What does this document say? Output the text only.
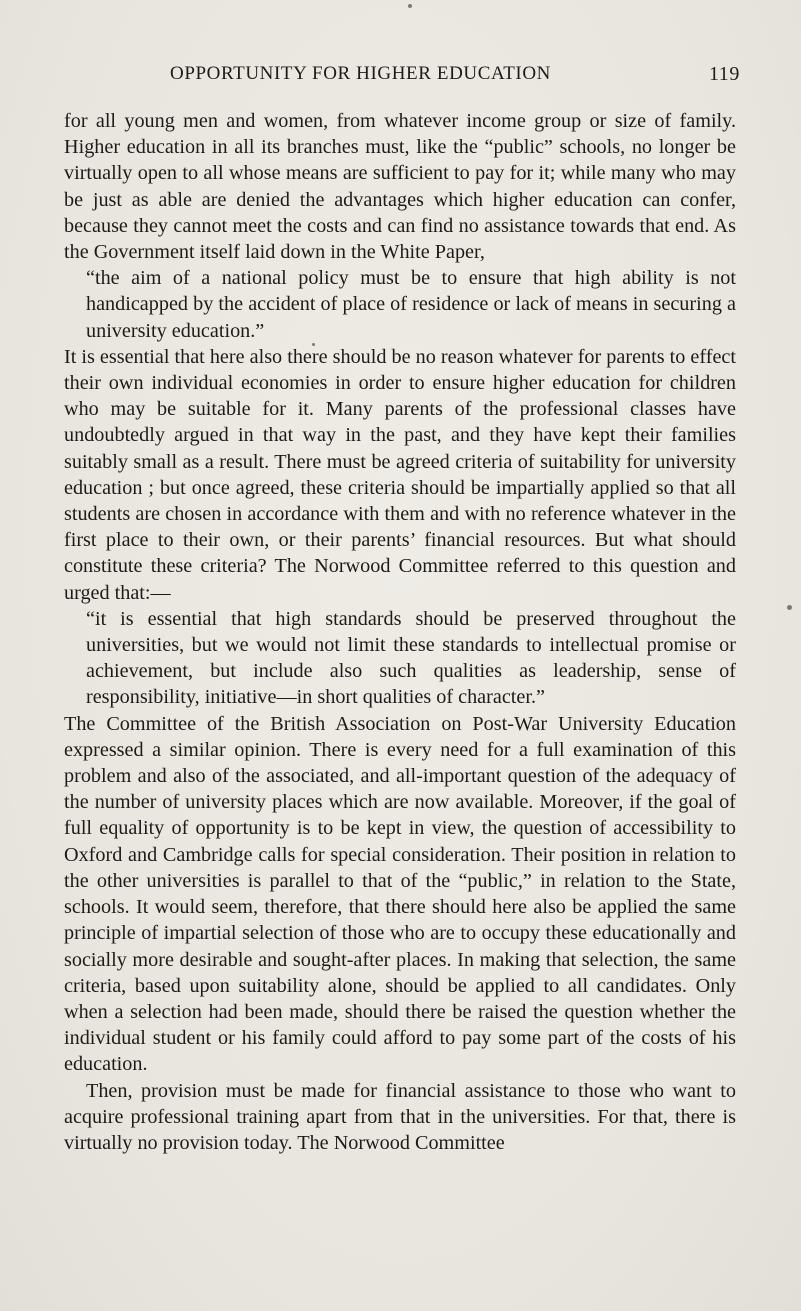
OPPORTUNITY FOR HIGHER EDUCATION	119

for all young men and women, from whatever income group or size of family. Higher education in all its branches must, like the “public” schools, no longer be virtually open to all whose means are sufficient to pay for it; while many who may be just as able are denied the advantages which higher education can confer, because they cannot meet the costs and can find no assistance towards that end. As the Government itself laid down in the White Paper,

“the aim of a national policy must be to ensure that high ability is not handicapped by the accident of place of residence or lack of means in securing a university education.”

It is essential that here also there should be no reason whatever for parents to effect their own individual economies in order to ensure higher education for children who may be suitable for it. Many parents of the professional classes have undoubtedly argued in that way in the past, and they have kept their families suitably small as a result. There must be agreed criteria of suitability for university education ; but once agreed, these criteria should be impartially applied so that all students are chosen in accordance with them and with no reference whatever in the first place to their own, or their parents’ financial resources. But what should constitute these criteria? The Norwood Committee referred to this question and urged that:—

“it is essential that high standards should be preserved throughout the universities, but we would not limit these standards to intellectual promise or achievement, but include also such qualities as leadership, sense of responsibility, initiative—in short qualities of character.”

The Committee of the British Association on Post-War University Education expressed a similar opinion. There is every need for a full examination of this problem and also of the associated, and all-important question of the adequacy of the number of university places which are now available. Moreover, if the goal of full equality of opportunity is to be kept in view, the question of accessibility to Oxford and Cambridge calls for special consideration. Their position in relation to the other universities is parallel to that of the “public,” in relation to the State, schools. It would seem, therefore, that there should here also be applied the same principle of impartial selection of those who are to occupy these educationally and socially more desirable and sought-after places. In making that selection, the same criteria, based upon suitability alone, should be applied to all candidates. Only when a selection had been made, should there be raised the question whether the individual student or his family could afford to pay some part of the costs of his education.

Then, provision must be made for financial assistance to those who want to acquire professional training apart from that in the universities. For that, there is virtually no provision today. The Norwood Committee
